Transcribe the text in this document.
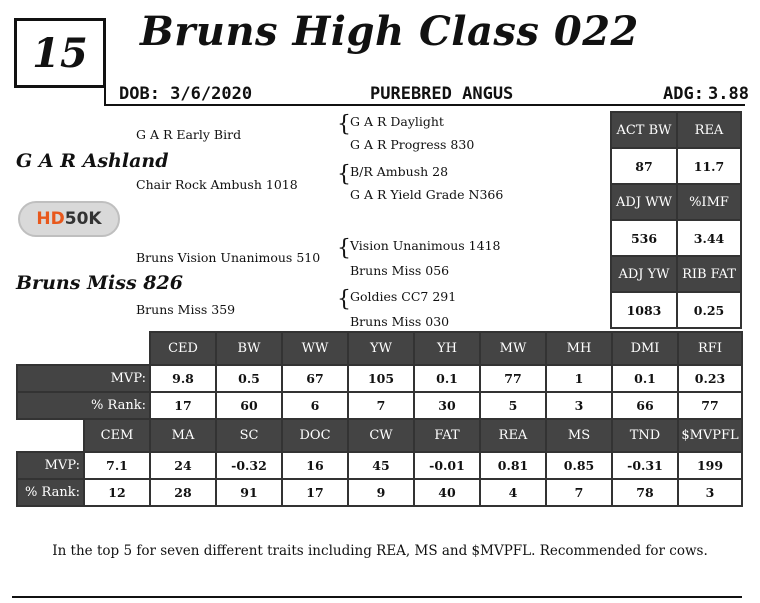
15 Bruns High Class 022
DOB: 3/6/2020	PUREBRED ANGUS	ADG: 3.88
G A R Early Bird
G A R Ashland
Chair Rock Ambush 1018
{ G A R Daylight
G A R Progress 830
{ B/R Ambush 28
G A R Yield Grade N366
HD 50K
Bruns Vision Unanimous 510
Bruns Miss 826
Bruns Miss 359
{ Vision Unanimous 1418
Bruns Miss 056
{ Goldies CC7 291
Bruns Miss 030
ACT BW	REA
87	11.7
ADJ WW	%IMF
536	3.44
ADJ YW	RIB FAT
1083	0.25
	CED	BW	WW	YW	YH	MW	MH	DMI	RFI
MVP:	9.8	0.5	67	105	0.1	77	1	0.1	0.23
% Rank:	17	60	6	7	30	5	3	66	77
	CEM	MA	SC	DOC	CW	FAT	REA	MS	TND	$MVPFL
MVP:	7.1	24	-0.32	16	45	-0.01	0.81	0.85	-0.31	199
% Rank:	12	28	91	17	9	40	4	7	78	3
In the top 5 for seven different traits including REA, MS and $MVPFL. Recommended for cows.
